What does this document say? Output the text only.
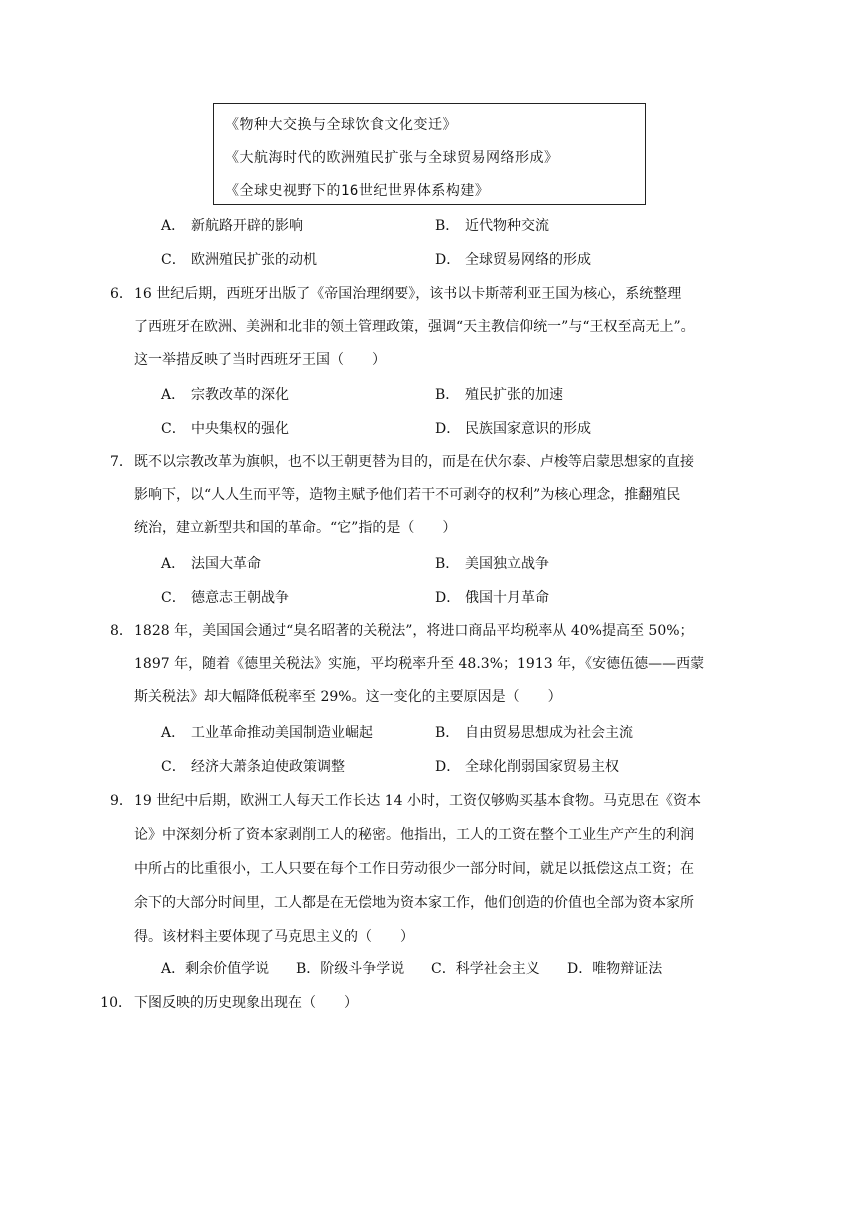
《物种大交换与全球饮食文化变迁》
《大航海时代的欧洲殖民扩张与全球贸易网络形成》
《全球史视野下的16世纪世界体系构建》
A． 新航路开辟的影响	B． 近代物种交流
C． 欧洲殖民扩张的动机	D． 全球贸易网络的形成
6． 16 世纪后期，西班牙出版了《帝国治理纲要》，该书以卡斯蒂利亚王国为核心，系统整理
了西班牙在欧洲、美洲和北非的领土管理政策，强调“天主教信仰统一”与“王权至高无上”。
这一举措反映了当时西班牙王国（　　）
A． 宗教改革的深化	B． 殖民扩张的加速
C． 中央集权的强化	D． 民族国家意识的形成
7． 既不以宗教改革为旗帜，也不以王朝更替为目的，而是在伏尔泰、卢梭等启蒙思想家的直接
影响下，以“人人生而平等，造物主赋予他们若干不可剥夺的权利”为核心理念，推翻殖民
统治，建立新型共和国的革命。“它”指的是（　　）
A． 法国大革命	B． 美国独立战争
C． 德意志王朝战争	D． 俄国十月革命
8． 1828 年，美国国会通过“臭名昭著的关税法”，将进口商品平均税率从 40%提高至 50%；
1897 年，随着《德里关税法》实施，平均税率升至 48.3%；1913 年，《安德伍德——西蒙
斯关税法》却大幅降低税率至 29%。这一变化的主要原因是（　　）
A． 工业革命推动美国制造业崛起	B． 自由贸易思想成为社会主流
C． 经济大萧条迫使政策调整	D． 全球化削弱国家贸易主权
9． 19 世纪中后期，欧洲工人每天工作长达 14 小时，工资仅够购买基本食物。马克思在《资本
论》中深刻分析了资本家剥削工人的秘密。他指出，工人的工资在整个工业生产产生的利润
中所占的比重很小，工人只要在每个工作日劳动很少一部分时间，就足以抵偿这点工资；在
余下的大部分时间里，工人都是在无偿地为资本家工作，他们创造的价值也全部为资本家所
得。该材料主要体现了马克思主义的（　　）
A．剩余价值学说 B．阶级斗争学说 C．科学社会主义 D．唯物辩证法
10． 下图反映的历史现象出现在（　　）
